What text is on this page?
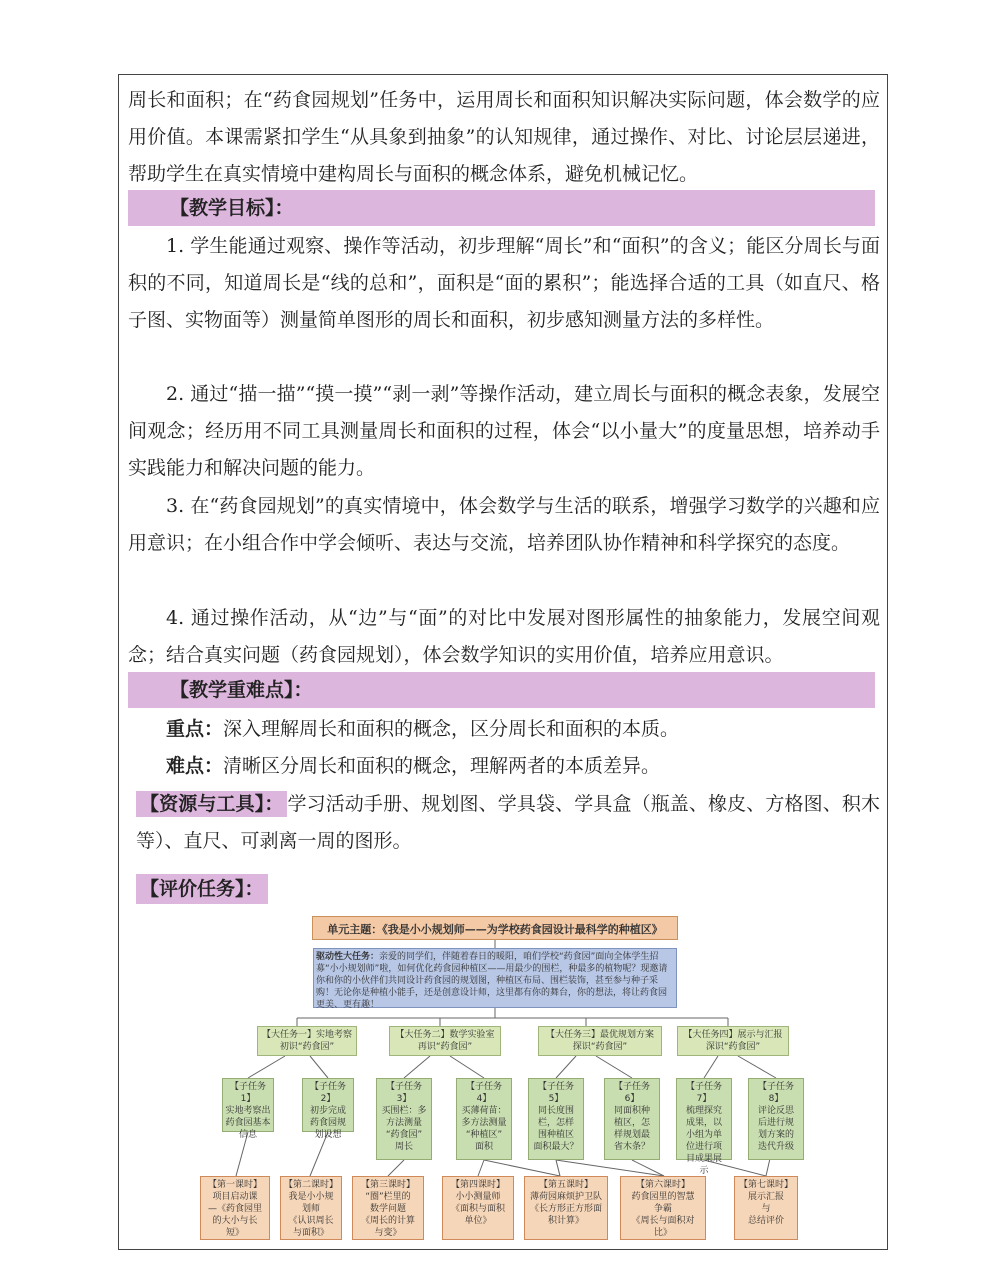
周长和面积；在“药食园规划”任务中，运用周长和面积知识解决实际问题，体会数学的应用价值。本课需紧扣学生“从具象到抽象”的认知规律，通过操作、对比、讨论层层递进，帮助学生在真实情境中建构周长与面积的概念体系，避免机械记忆。

【教学目标】：

1. 学生能通过观察、操作等活动，初步理解“周长”和“面积”的含义；能区分周长与面积的不同，知道周长是“线的总和”，面积是“面的累积”；能选择合适的工具（如直尺、格子图、实物面等）测量简单图形的周长和面积，初步感知测量方法的多样性。

2. 通过“描一描”“摸一摸”“剥一剥”等操作活动，建立周长与面积的概念表象，发展空间观念；经历用不同工具测量周长和面积的过程，体会“以小量大”的度量思想，培养动手实践能力和解决问题的能力。

3. 在“药食园规划”的真实情境中，体会数学与生活的联系，增强学习数学的兴趣和应用意识；在小组合作中学会倾听、表达与交流，培养团队协作精神和科学探究的态度。

4. 通过操作活动，从“边”与“面”的对比中发展对图形属性的抽象能力，发展空间观念；结合真实问题（药食园规划），体会数学知识的实用价值，培养应用意识。

【教学重难点】：

重点：深入理解周长和面积的概念，区分周长和面积的本质。

难点：清晰区分周长和面积的概念，理解两者的本质差异。

【资源与工具】： 学习活动手册、规划图、学具袋、学具盒（瓶盖、橡皮、方格图、积木等）、直尺、可剥离一周的图形。

【评价任务】：
单元主题：《我是小小规划师——为学校药食园设计最科学的种植区》
驱动性大任务：亲爱的同学们，伴随着春日的暖阳，咱们学校“药食园”面向全体学生招募“小小规划师”啦，如何优化药食园种植区——用最少的围栏，种最多的植物呢？现邀请你和你的小伙伴们共同设计药食园的规划图，种植区布局、围栏装饰，甚至参与种子采购！无论你是种植小能手，还是创意设计师，这里都有你的舞台，你的想法，将让药食园更美、更有趣！
【大任务一】实地考察
初识“药食园”
【大任务二】数学实验室
再识“药食园”
【大任务三】最优规划方案
探识“药食园”
【大任务四】展示与汇报
深识“药食园”
【子任务1】
实地考察出
药食园基本
信息
【子任务2】
初步完成
药食园规
划设想
【子任务3】
买围栏：多
方法测量
“药食园”
周长
【子任务4】
买薄荷苗：
多方法测量
“种植区”
面积
【子任务5】
同长度围
栏，怎样
围种植区
面积最大？
【子任务6】
同面积种
植区，怎
样规划最
省木条？
【子任务7】
梳理探究
成果，以
小组为单
位进行项
目成果展
示
【子任务8】
评论反思
后进行规
划方案的
迭代升级
【第一课时】
项目启动课
—《药食园里
的大小与长
短》
【第二课时】
我是小小规
划师
《认识周长
与面积》
【第三课时】
“圈”栏里的
数学问题
《周长的计算
与变》
【第四课时】
小小测量师
《面积与面积
单位》
【第五课时】
薄荷园麻烦护卫队
《长方形正方形面
积计算》
【第六课时】
药食园里的智慧
争霸
《周长与面积对
比》
【第七课时】
展示汇报
与
总结评价
